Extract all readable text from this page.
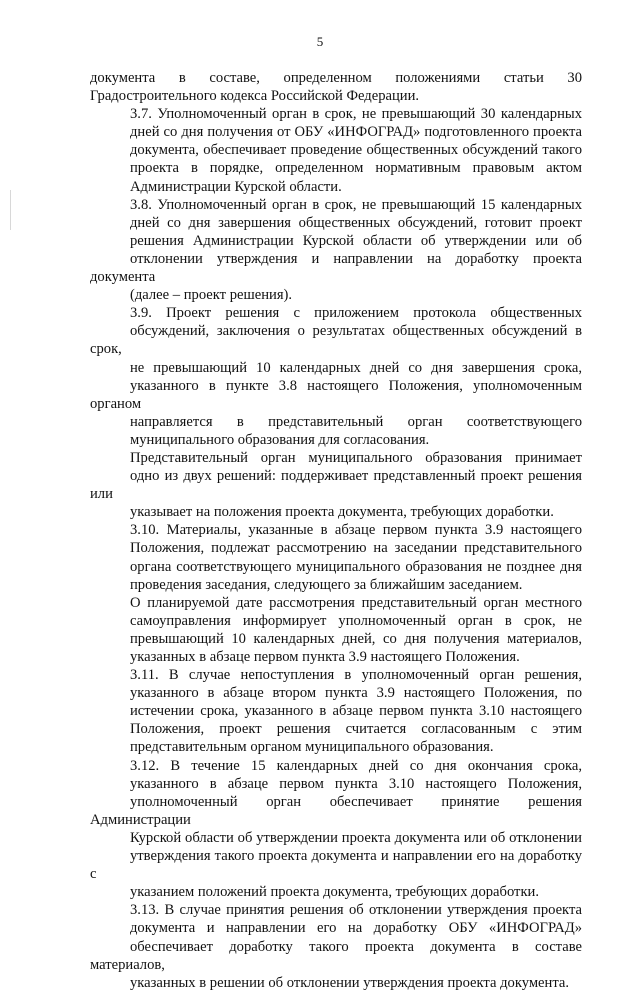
5

документа в составе, определенном положениями статьи 30
Градостроительного кодекса Российской Федерации.

3.7. Уполномоченный орган в срок, не превышающий 30 календарных
дней со дня получения от ОБУ «ИНФОГРАД» подготовленного проекта
документа, обеспечивает проведение общественных обсуждений такого
проекта в порядке, определенном нормативным правовым актом
Администрации Курской области.

3.8. Уполномоченный орган в срок, не превышающий 15 календарных
дней со дня завершения общественных обсуждений, готовит проект
решения Администрации Курской области об утверждении или об
отклонении утверждения и направлении на доработку проекта документа
(далее – проект решения).

3.9. Проект решения с приложением протокола общественных
обсуждений, заключения о результатах общественных обсуждений в срок,
не превышающий 10 календарных дней со дня завершения срока,
указанного в пункте 3.8 настоящего Положения, уполномоченным органом
направляется в представительный орган соответствующего
муниципального образования для согласования.

Представительный орган муниципального образования принимает
одно из двух решений: поддерживает представленный проект решения или
указывает на положения проекта документа, требующих доработки.

3.10. Материалы, указанные в абзаце первом пункта 3.9 настоящего
Положения, подлежат рассмотрению на заседании представительного
органа соответствующего муниципального образования не позднее дня
проведения заседания, следующего за ближайшим заседанием.

О планируемой дате рассмотрения представительный орган местного
самоуправления информирует уполномоченный орган в срок, не
превышающий 10 календарных дней, со дня получения материалов,
указанных в абзаце первом пункта 3.9 настоящего Положения.

3.11. В случае непоступления в уполномоченный орган решения,
указанного в абзаце втором пункта 3.9 настоящего Положения, по
истечении срока, указанного в абзаце первом пункта 3.10 настоящего
Положения, проект решения считается согласованным с этим
представительным органом муниципального образования.

3.12. В течение 15 календарных дней со дня окончания срока,
указанного в абзаце первом пункта 3.10 настоящего Положения,
уполномоченный орган обеспечивает принятие решения Администрации
Курской области об утверждении проекта документа или об отклонении
утверждения такого проекта документа и направлении его на доработку с
указанием положений проекта документа, требующих доработки.

3.13. В случае принятия решения об отклонении утверждения проекта
документа и направлении его на доработку ОБУ «ИНФОГРАД»
обеспечивает доработку такого проекта документа в составе материалов,
указанных в решении об отклонении утверждения проекта документа.
